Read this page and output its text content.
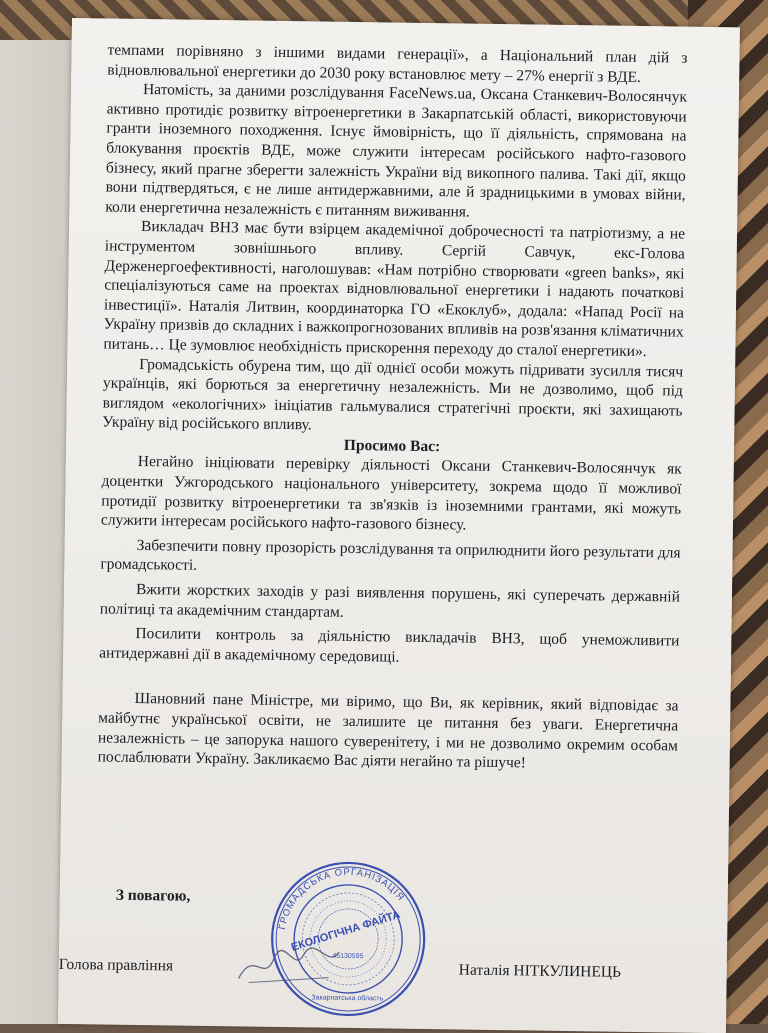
темпами порівняно з іншими видами генерації», а Національний план дій з відновлювальної енергетики до 2030 року встановлює мету – 27% енергії з ВДЕ.

Натомість, за даними розслідування FaceNews.ua, Оксана Станкевич-Волосянчук активно протидіє розвитку вітроенергетики в Закарпатській області, використовуючи гранти іноземного походження. Існує ймовірність, що її діяльність, спрямована на блокування проєктів ВДЕ, може служити інтересам російського нафто-газового бізнесу, який прагне зберегти залежність України від викопного палива. Такі дії, якщо вони підтвердяться, є не лише антидержавними, але й зрадницькими в умовах війни, коли енергетична незалежність є питанням виживання.

Викладач ВНЗ має бути взірцем академічної доброчесності та патріотизму, а не інструментом зовнішнього впливу. Сергій Савчук, екс-Голова Держенергоефективності, наголошував: «Нам потрібно створювати «green banks», які спеціалізуються саме на проектах відновлювальної енергетики і надають початкові інвестиції». Наталія Литвин, координаторка ГО «Екоклуб», додала: «Напад Росії на Україну призвів до складних і важкопрогнозованих впливів на розв'язання кліматичних питань… Це зумовлює необхідність прискорення переходу до сталої енергетики».

Громадськість обурена тим, що дії однієї особи можуть підривати зусилля тисяч українців, які борються за енергетичну незалежність. Ми не дозволимо, щоб під виглядом «екологічних» ініціатив гальмувалися стратегічні проєкти, які захищають Україну від російського впливу.

Просимо Вас:

Негайно ініціювати перевірку діяльності Оксани Станкевич-Волосянчук як доцентки Ужгородського національного університету, зокрема щодо її можливої протидії розвитку вітроенергетики та зв'язків із іноземними грантами, які можуть служити інтересам російського нафто-газового бізнесу.

Забезпечити повну прозорість розслідування та оприлюднити його результати для громадськості.

Вжити жорстких заходів у разі виявлення порушень, які суперечать державній політиці та академічним стандартам.

Посилити контроль за діяльністю викладачів ВНЗ, щоб унеможливити антидержавні дії в академічному середовищі.

Шановний пане Міністре, ми віримо, що Ви, як керівник, який відповідає за майбутнє української освіти, не залишите це питання без уваги. Енергетична незалежність – це запорука нашого суверенітету, і ми не дозволимо окремим особам послаблювати Україну. Закликаємо Вас діяти негайно та рішуче!

З повагою,
Голова правління	Наталія НІТКУЛИНЕЦЬ
ГРОМАДСЬКА ОРГАНІЗАЦІЯ
ЕКОЛОГІЧНА ФАЙТА
45130595
Закарпатська область
